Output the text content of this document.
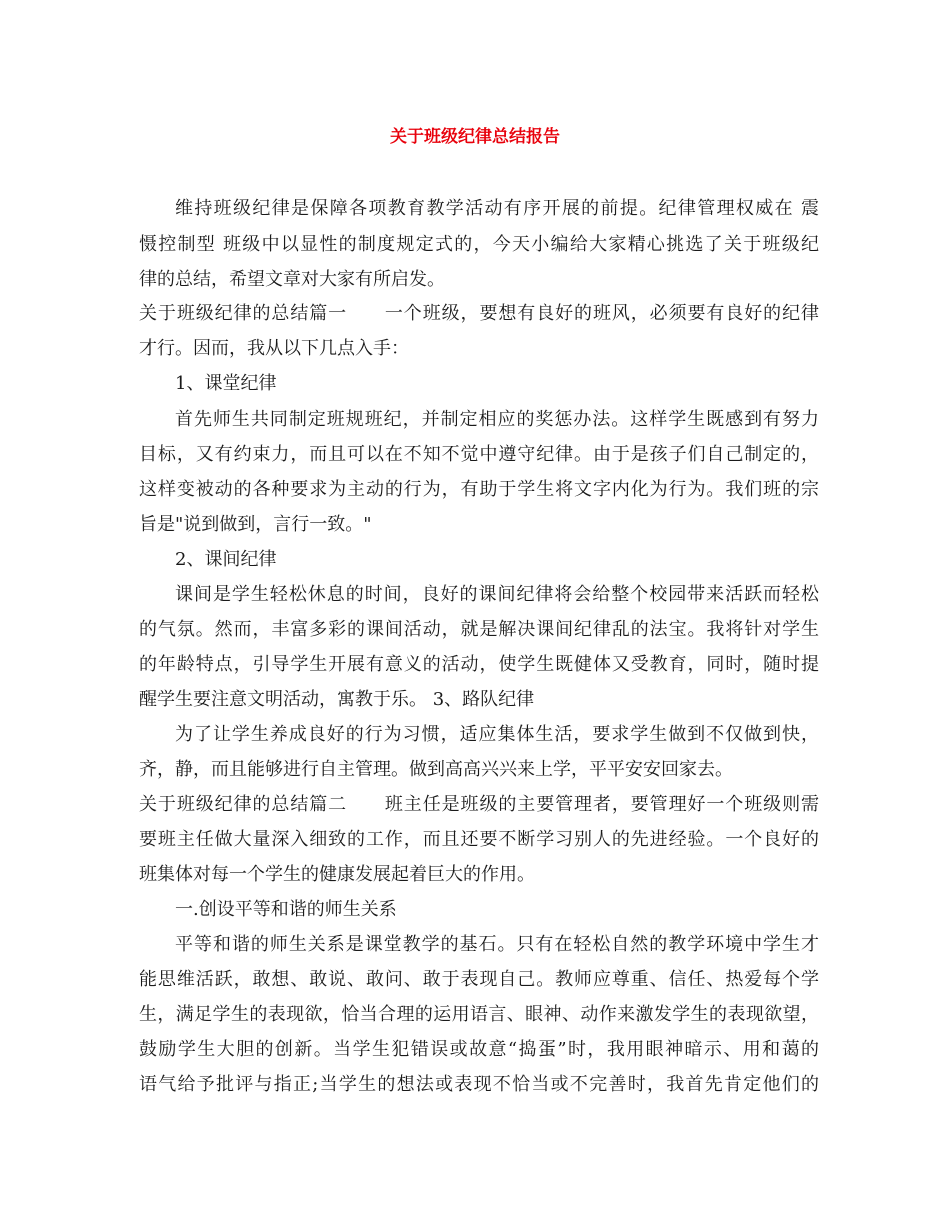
关于班级纪律总结报告
维持班级纪律是保障各项教育教学活动有序开展的前提。纪律管理权威在 震
慑控制型 班级中以显性的制度规定式的，今天小编给大家精心挑选了关于班级纪
律的总结，希望文章对大家有所启发。
关于班级纪律的总结篇一　　一个班级，要想有良好的班风，必须要有良好的纪律
才行。因而，我从以下几点入手：
1、课堂纪律
首先师生共同制定班规班纪，并制定相应的奖惩办法。这样学生既感到有努力
目标，又有约束力，而且可以在不知不觉中遵守纪律。由于是孩子们自己制定的，
这样变被动的各种要求为主动的行为，有助于学生将文字内化为行为。我们班的宗
旨是"说到做到，言行一致。"
2、课间纪律
课间是学生轻松休息的时间，良好的课间纪律将会给整个校园带来活跃而轻松
的气氛。然而，丰富多彩的课间活动，就是解决课间纪律乱的法宝。我将针对学生
的年龄特点，引导学生开展有意义的活动，使学生既健体又受教育，同时，随时提
醒学生要注意文明活动，寓教于乐。 3、路队纪律
为了让学生养成良好的行为习惯，适应集体生活，要求学生做到不仅做到快，
齐，静，而且能够进行自主管理。做到高高兴兴来上学，平平安安回家去。
关于班级纪律的总结篇二　　班主任是班级的主要管理者，要管理好一个班级则需
要班主任做大量深入细致的工作，而且还要不断学习别人的先进经验。一个良好的
班集体对每一个学生的健康发展起着巨大的作用。
一.创设平等和谐的师生关系
平等和谐的师生关系是课堂教学的基石。只有在轻松自然的教学环境中学生才
能思维活跃，敢想、敢说、敢问、敢于表现自己。教师应尊重、信任、热爱每个学
生，满足学生的表现欲，恰当合理的运用语言、眼神、动作来激发学生的表现欲望，
鼓励学生大胆的创新。当学生犯错误或故意“捣蛋”时，我用眼神暗示、用和蔼的
语气给予批评与指正;当学生的想法或表现不恰当或不完善时，我首先肯定他们的
